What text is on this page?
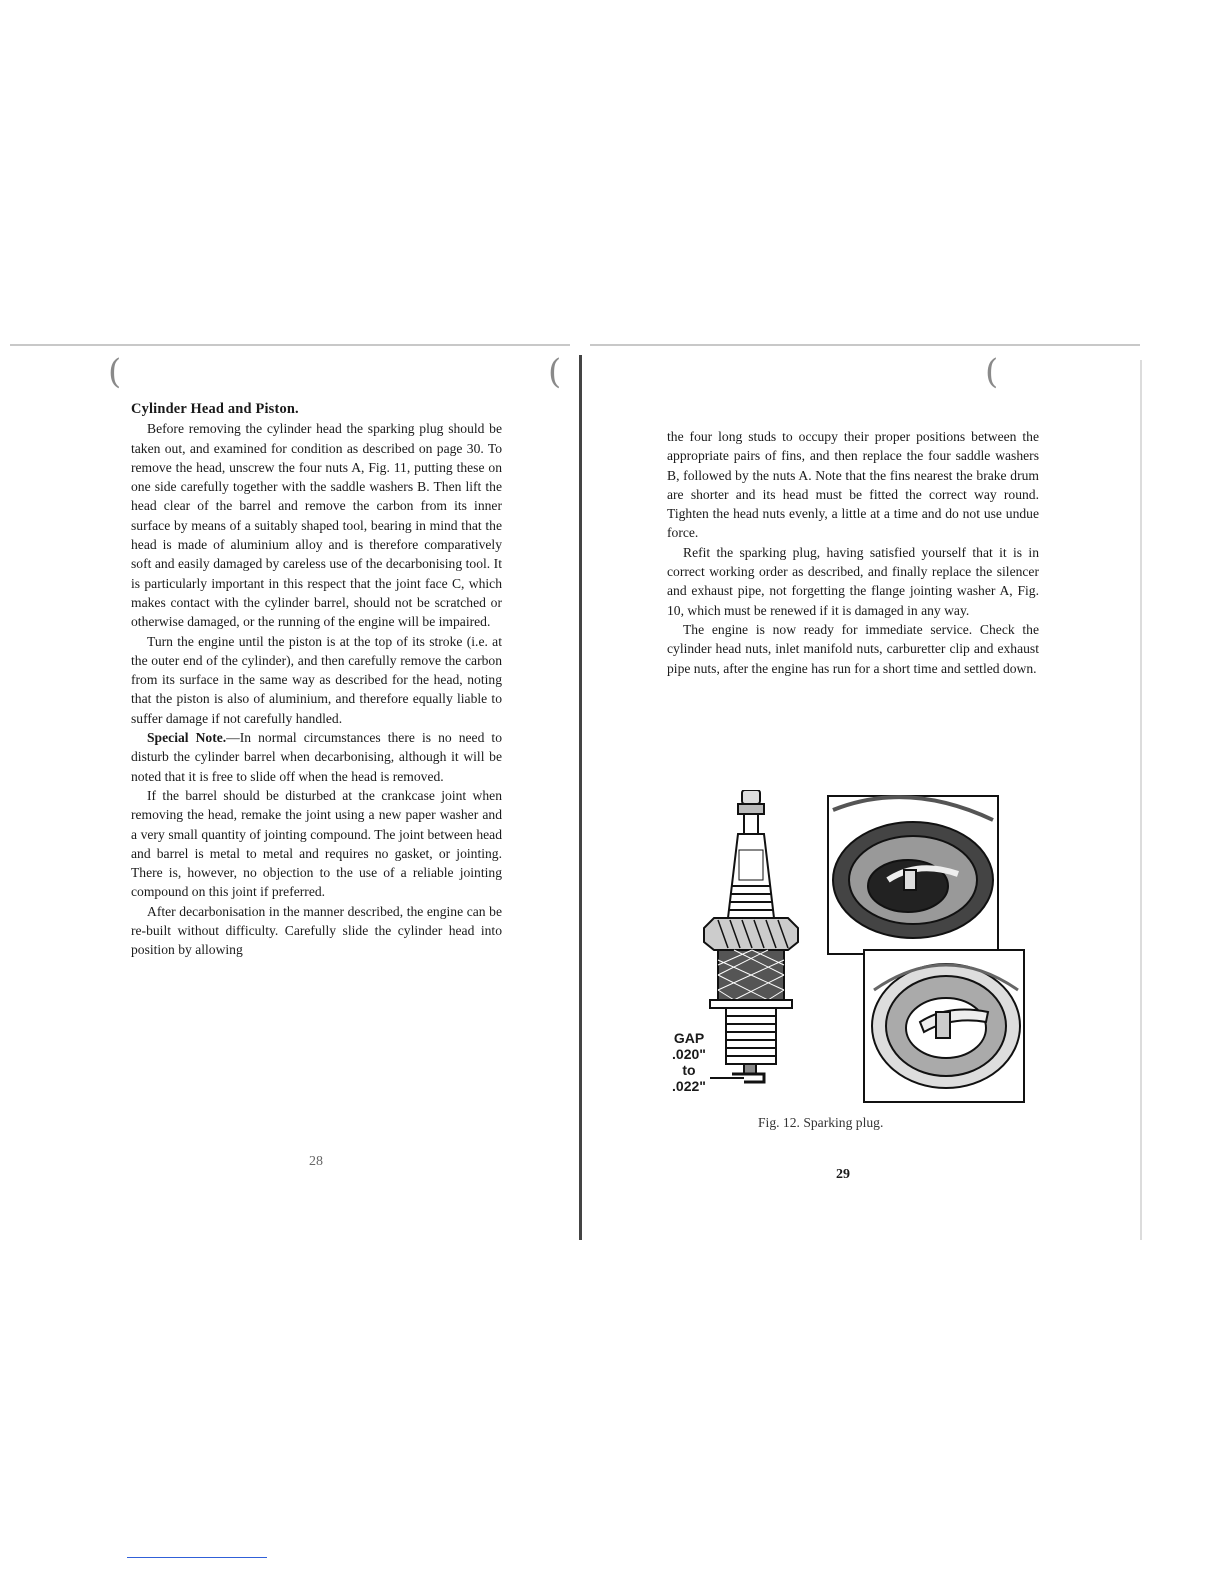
(	(	(
Cylinder Head and Piston.

Before removing the cylinder head the sparking plug should be taken out, and examined for condition as described on page 30. To remove the head, unscrew the four nuts A, Fig. 11, putting these on one side carefully together with the saddle washers B. Then lift the head clear of the barrel and remove the carbon from its inner surface by means of a suitably shaped tool, bearing in mind that the head is made of aluminium alloy and is therefore comparatively soft and easily damaged by careless use of the decarbonising tool. It is particularly important in this respect that the joint face C, which makes contact with the cylinder barrel, should not be scratched or otherwise damaged, or the running of the engine will be impaired.

Turn the engine until the piston is at the top of its stroke (i.e. at the outer end of the cylinder), and then carefully remove the carbon from its surface in the same way as described for the head, noting that the piston is also of aluminium, and therefore equally liable to suffer damage if not carefully handled.

Special Note.—In normal circumstances there is no need to disturb the cylinder barrel when decarbonising, although it will be noted that it is free to slide off when the head is removed.

If the barrel should be disturbed at the crankcase joint when removing the head, remake the joint using a new paper washer and a very small quantity of jointing compound. The joint between head and barrel is metal to metal and requires no gasket, or jointing. There is, however, no objection to the use of a reliable jointing compound on this joint if preferred.

After decarbonisation in the manner described, the engine can be re-built without difficulty. Carefully slide the cylinder head into position by allowing

28

the four long studs to occupy their proper positions between the appropriate pairs of fins, and then replace the four saddle washers B, followed by the nuts A. Note that the fins nearest the brake drum are shorter and its head must be fitted the correct way round. Tighten the head nuts evenly, a little at a time and do not use undue force.

Refit the sparking plug, having satisfied yourself that it is in correct working order as described, and finally replace the silencer and exhaust pipe, not forgetting the flange jointing washer A, Fig. 10, which must be renewed if it is damaged in any way.

The engine is now ready for immediate service. Check the cylinder head nuts, inlet manifold nuts, carburetter clip and exhaust pipe nuts, after the engine has run for a short time and settled down.

GAP
.020"
to
.022"
Fig. 12. Sparking plug.
29
